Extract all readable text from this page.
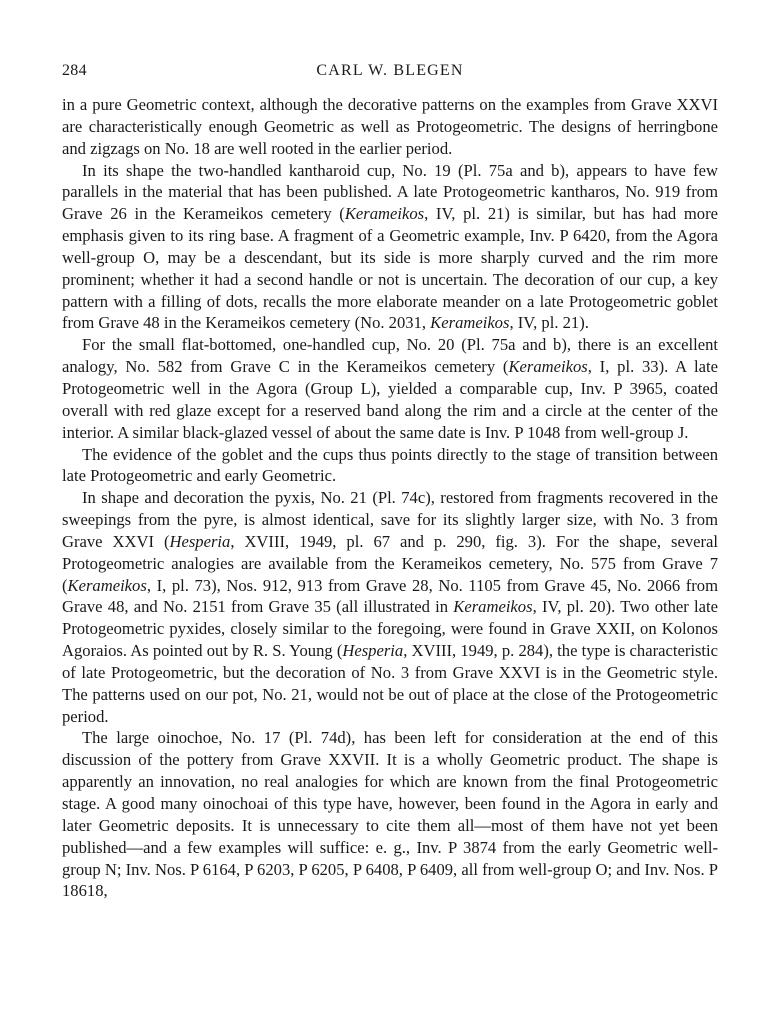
284	CARL W. BLEGEN

in a pure Geometric context, although the decorative patterns on the examples from Grave XXVI are characteristically enough Geometric as well as Protogeometric. The designs of herringbone and zigzags on No. 18 are well rooted in the earlier period.

In its shape the two-handled kantharoid cup, No. 19 (Pl. 75a and b), appears to have few parallels in the material that has been published. A late Protogeometric kantharos, No. 919 from Grave 26 in the Kerameikos cemetery (Kerameikos, IV, pl. 21) is similar, but has had more emphasis given to its ring base. A fragment of a Geometric example, Inv. P 6420, from the Agora well-group O, may be a descendant, but its side is more sharply curved and the rim more prominent; whether it had a second handle or not is uncertain. The decoration of our cup, a key pattern with a filling of dots, recalls the more elaborate meander on a late Protogeometric goblet from Grave 48 in the Kerameikos cemetery (No. 2031, Kerameikos, IV, pl. 21).

For the small flat-bottomed, one-handled cup, No. 20 (Pl. 75a and b), there is an excellent analogy, No. 582 from Grave C in the Kerameikos cemetery (Kerameikos, I, pl. 33). A late Protogeometric well in the Agora (Group L), yielded a comparable cup, Inv. P 3965, coated overall with red glaze except for a reserved band along the rim and a circle at the center of the interior. A similar black-glazed vessel of about the same date is Inv. P 1048 from well-group J.

The evidence of the goblet and the cups thus points directly to the stage of transition between late Protogeometric and early Geometric.

In shape and decoration the pyxis, No. 21 (Pl. 74c), restored from fragments recovered in the sweepings from the pyre, is almost identical, save for its slightly larger size, with No. 3 from Grave XXVI (Hesperia, XVIII, 1949, pl. 67 and p. 290, fig. 3). For the shape, several Protogeometric analogies are available from the Kerameikos cemetery, No. 575 from Grave 7 (Kerameikos, I, pl. 73), Nos. 912, 913 from Grave 28, No. 1105 from Grave 45, No. 2066 from Grave 48, and No. 2151 from Grave 35 (all illustrated in Kerameikos, IV, pl. 20). Two other late Protogeometric pyxides, closely similar to the foregoing, were found in Grave XXII, on Kolonos Agoraios. As pointed out by R. S. Young (Hesperia, XVIII, 1949, p. 284), the type is characteristic of late Protogeometric, but the decoration of No. 3 from Grave XXVI is in the Geometric style. The patterns used on our pot, No. 21, would not be out of place at the close of the Protogeometric period.

The large oinochoe, No. 17 (Pl. 74d), has been left for consideration at the end of this discussion of the pottery from Grave XXVII. It is a wholly Geometric product. The shape is apparently an innovation, no real analogies for which are known from the final Protogeometric stage. A good many oinochoai of this type have, however, been found in the Agora in early and later Geometric deposits. It is unnecessary to cite them all—most of them have not yet been published—and a few examples will suffice: e. g., Inv. P 3874 from the early Geometric well-group N; Inv. Nos. P 6164, P 6203, P 6205, P 6408, P 6409, all from well-group O; and Inv. Nos. P 18618,
